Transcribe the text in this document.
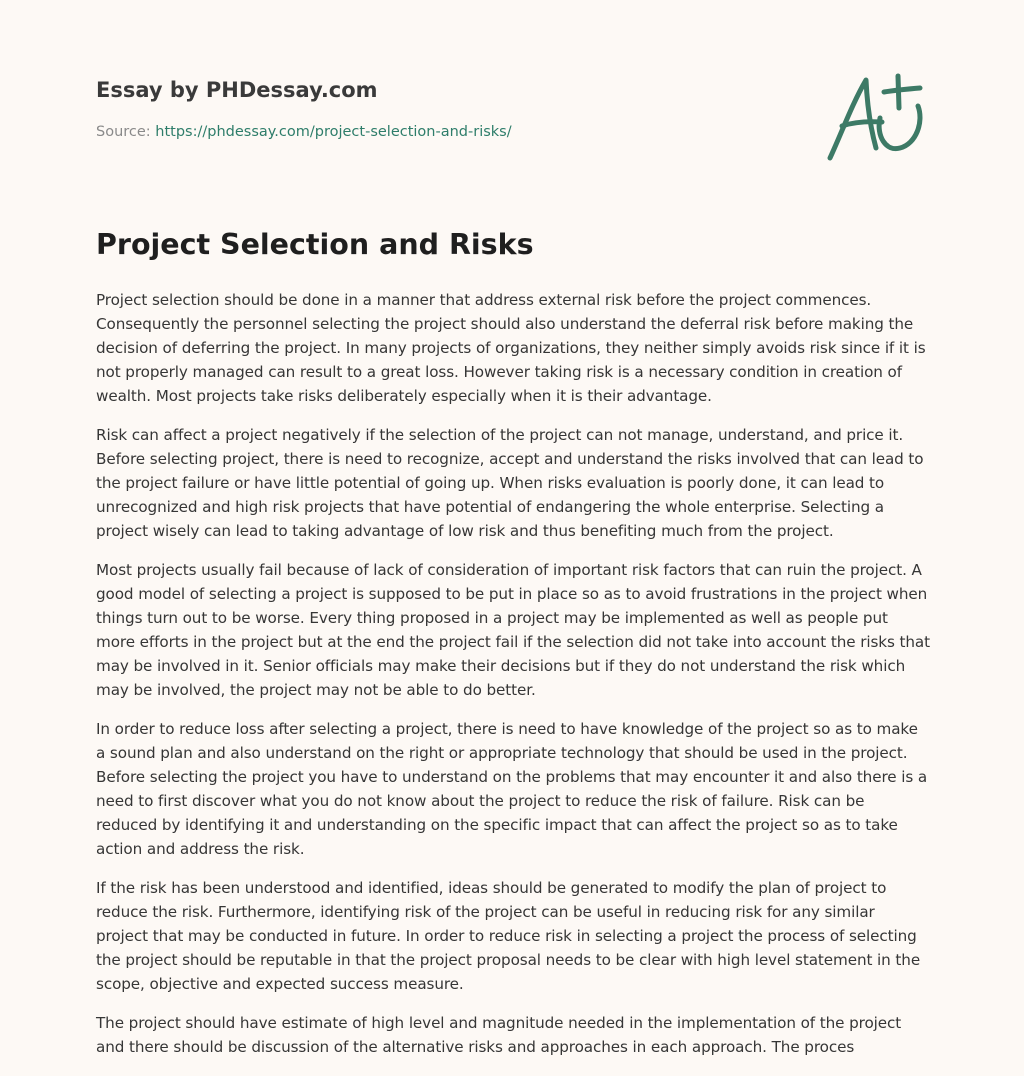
Essay by PHDessay.com
Source: https://phdessay.com/project-selection-and-risks/
Project Selection and Risks

Project selection should be done in a manner that address external risk before the project commences. Consequently the personnel selecting the project should also understand the deferral risk before making the decision of deferring the project. In many projects of organizations, they neither simply avoids risk since if it is not properly managed can result to a great loss. However taking risk is a necessary condition in creation of wealth. Most projects take risks deliberately especially when it is their advantage.

Risk can affect a project negatively if the selection of the project can not manage, understand, and price it. Before selecting project, there is need to recognize, accept and understand the risks involved that can lead to the project failure or have little potential of going up. When risks evaluation is poorly done, it can lead to unrecognized and high risk projects that have potential of endangering the whole enterprise. Selecting a project wisely can lead to taking advantage of low risk and thus benefiting much from the project.

Most projects usually fail because of lack of consideration of important risk factors that can ruin the project. A good model of selecting a project is supposed to be put in place so as to avoid frustrations in the project when things turn out to be worse. Every thing proposed in a project may be implemented as well as people put more efforts in the project but at the end the project fail if the selection did not take into account the risks that may be involved in it. Senior officials may make their decisions but if they do not understand the risk which may be involved, the project may not be able to do better.

In order to reduce loss after selecting a project, there is need to have knowledge of the project so as to make a sound plan and also understand on the right or appropriate technology that should be used in the project. Before selecting the project you have to understand on the problems that may encounter it and also there is a need to first discover what you do not know about the project to reduce the risk of failure. Risk can be reduced by identifying it and understanding on the specific impact that can affect the project so as to take action and address the risk.

If the risk has been understood and identified, ideas should be generated to modify the plan of project to reduce the risk. Furthermore, identifying risk of the project can be useful in reducing risk for any similar project that may be conducted in future. In order to reduce risk in selecting a project the process of selecting the project should be reputable in that the project proposal needs to be clear with high level statement in the scope, objective and expected success measure.

The project should have estimate of high level and magnitude needed in the implementation of the project and there should be discussion of the alternative risks and approaches in each approach. The proces
